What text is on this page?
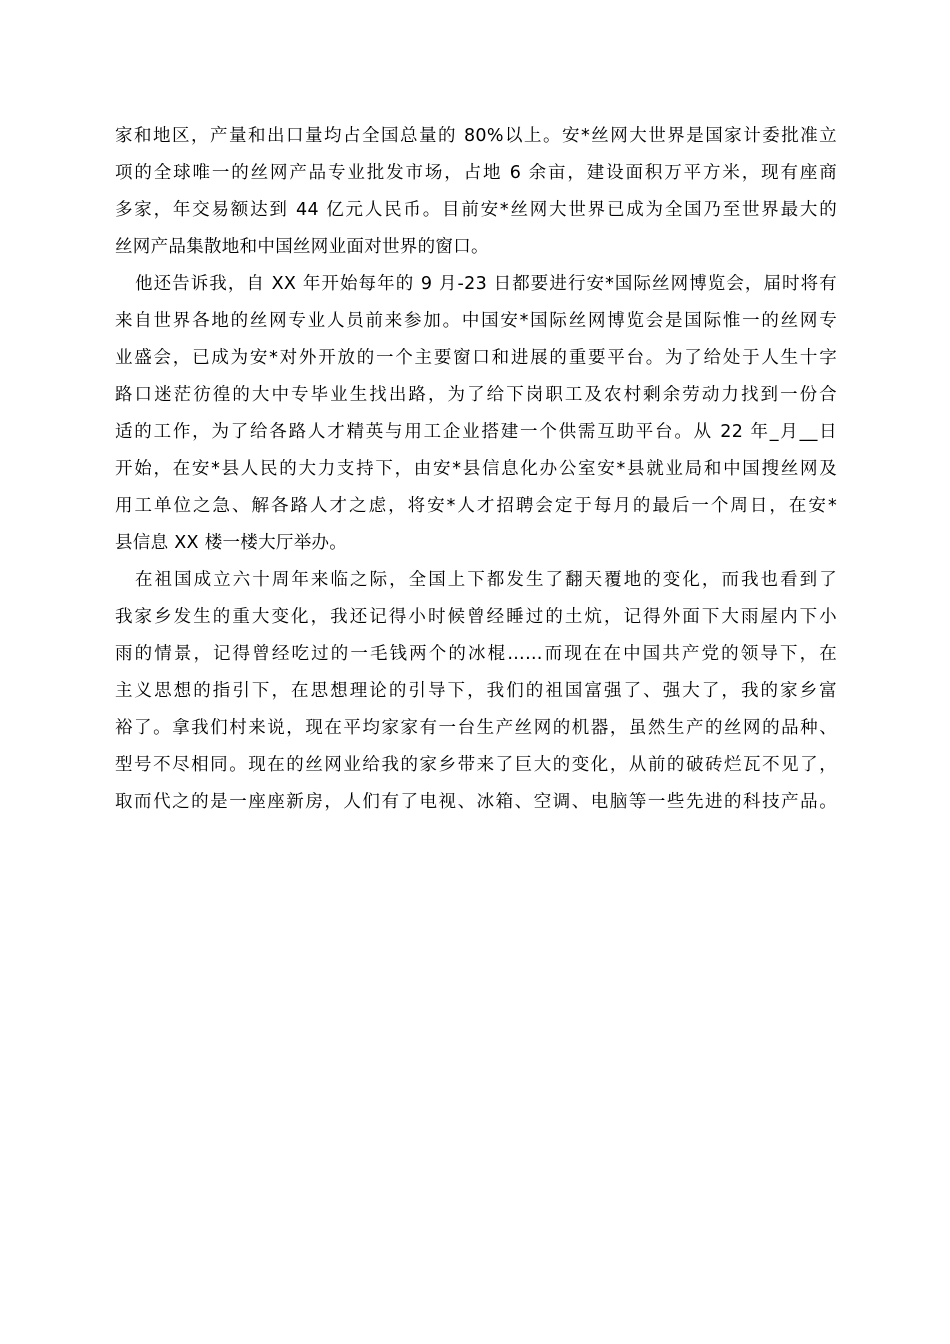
家和地区，产量和出口量均占全国总量的 80%以上。安*丝网大世界是国家计委批准立
项的全球唯一的丝网产品专业批发市场，占地 6 余亩，建设面积万平方米，现有座商
多家，年交易额达到 44 亿元人民币。目前安*丝网大世界已成为全国乃至世界最大的
丝网产品集散地和中国丝网业面对世界的窗口。
他还告诉我，自 XX 年开始每年的 9 月-23 日都要进行安*国际丝网博览会，届时将有
来自世界各地的丝网专业人员前来参加。中国安*国际丝网博览会是国际惟一的丝网专
业盛会，已成为安*对外开放的一个主要窗口和进展的重要平台。为了给处于人生十字
路口迷茫彷徨的大中专毕业生找出路，为了给下岗职工及农村剩余劳动力找到一份合
适的工作，为了给各路人才精英与用工企业搭建一个供需互助平台。从 22 年_月__日
开始，在安*县人民的大力支持下，由安*县信息化办公室安*县就业局和中国搜丝网及
用工单位之急、解各路人才之虑，将安*人才招聘会定于每月的最后一个周日，在安*
县信息 XX 楼一楼大厅举办。
在祖国成立六十周年来临之际，全国上下都发生了翻天覆地的变化，而我也看到了
我家乡发生的重大变化，我还记得小时候曾经睡过的土炕，记得外面下大雨屋内下小
雨的情景，记得曾经吃过的一毛钱两个的冰棍……而现在在中国共产党的领导下，在
主义思想的指引下，在思想理论的引导下，我们的祖国富强了、强大了，我的家乡富
裕了。拿我们村来说，现在平均家家有一台生产丝网的机器，虽然生产的丝网的品种、
型号不尽相同。现在的丝网业给我的家乡带来了巨大的变化，从前的破砖烂瓦不见了，
取而代之的是一座座新房，人们有了电视、冰箱、空调、电脑等一些先进的科技产品。
